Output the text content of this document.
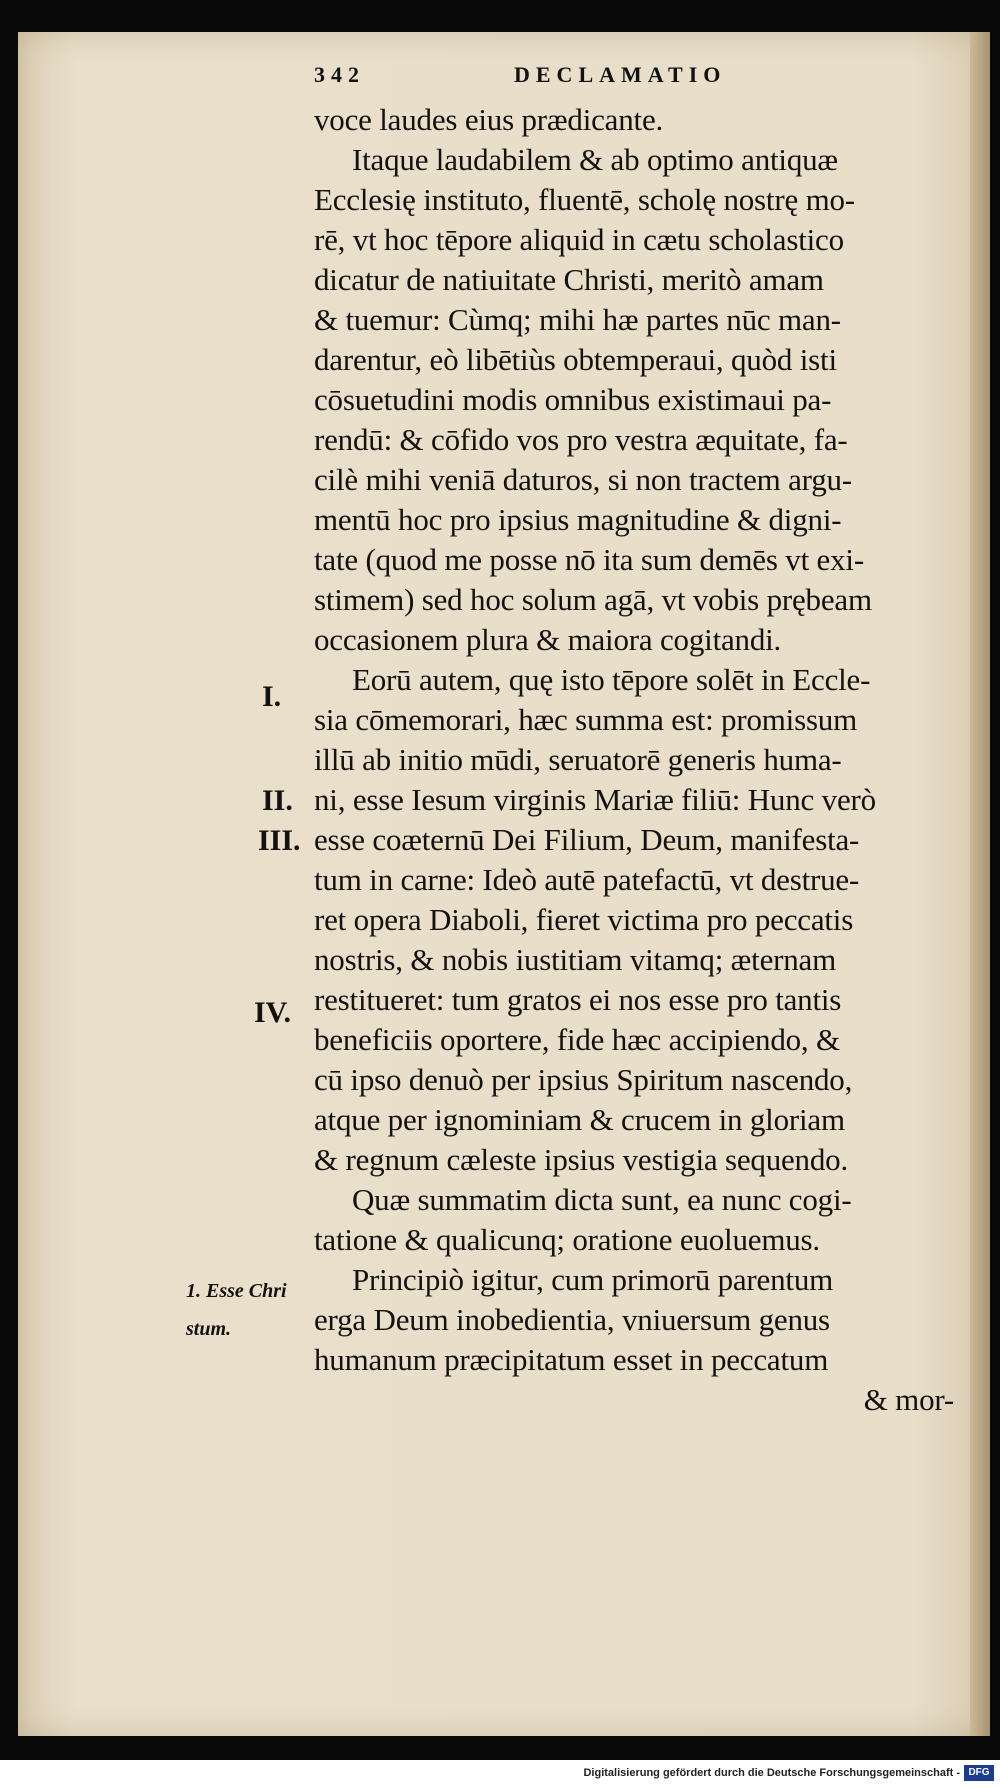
342	DECLAMATIO
voce laudes eius prædicante.
Itaque laudabilem & ab optimo antiquæ
Ecclesię instituto, fluentē, scholę nostrę mo-
rē, vt hoc tēpore aliquid in cætu scholastico
dicatur de natiuitate Christi, meritò amam
& tuemur: Cùmq; mihi hæ partes nūc man-
darentur, eò libētiùs obtemperaui, quòd isti
cōsuetudini modis omnibus existimaui pa-
rendū: & cōfido vos pro vestra æquitate, fa-
cilè mihi veniā daturos, si non tractem argu-
mentū hoc pro ipsius magnitudine & digni-
tate (quod me posse nō ita sum demēs vt exi-
stimem) sed hoc solum agā, vt vobis prębeam
occasionem plura & maiora cogitandi.
Eorū autem, quę isto tēpore solēt in Eccle-
sia cōmemorari, hæc summa est: promissum
illū ab initio mūdi, seruatorē generis huma-
ni, esse Iesum virginis Mariæ filiū: Hunc verò
esse coæternū Dei Filium, Deum, manifesta-
tum in carne: Ideò autē patefactū, vt destrue-
ret opera Diaboli, fieret victima pro peccatis
nostris, & nobis iustitiam vitamq; æternam
restitueret: tum gratos ei nos esse pro tantis
beneficiis oportere, fide hæc accipiendo, &
cū ipso denuò per ipsius Spiritum nascendo,
atque per ignominiam & crucem in gloriam
& regnum cæleste ipsius vestigia sequendo.
Quæ summatim dicta sunt, ea nunc cogi-
tatione & qualicunq; oratione euoluemus.
Principiò igitur, cum primorū parentum
erga Deum inobedientia, vniuersum genus
humanum præcipitatum esset in peccatum
& mor-
I.
II.
III.
IV.
1. Esse Chri
stum.
Digitalisierung gefördert durch die Deutsche Forschungsgemeinschaft - DFG
